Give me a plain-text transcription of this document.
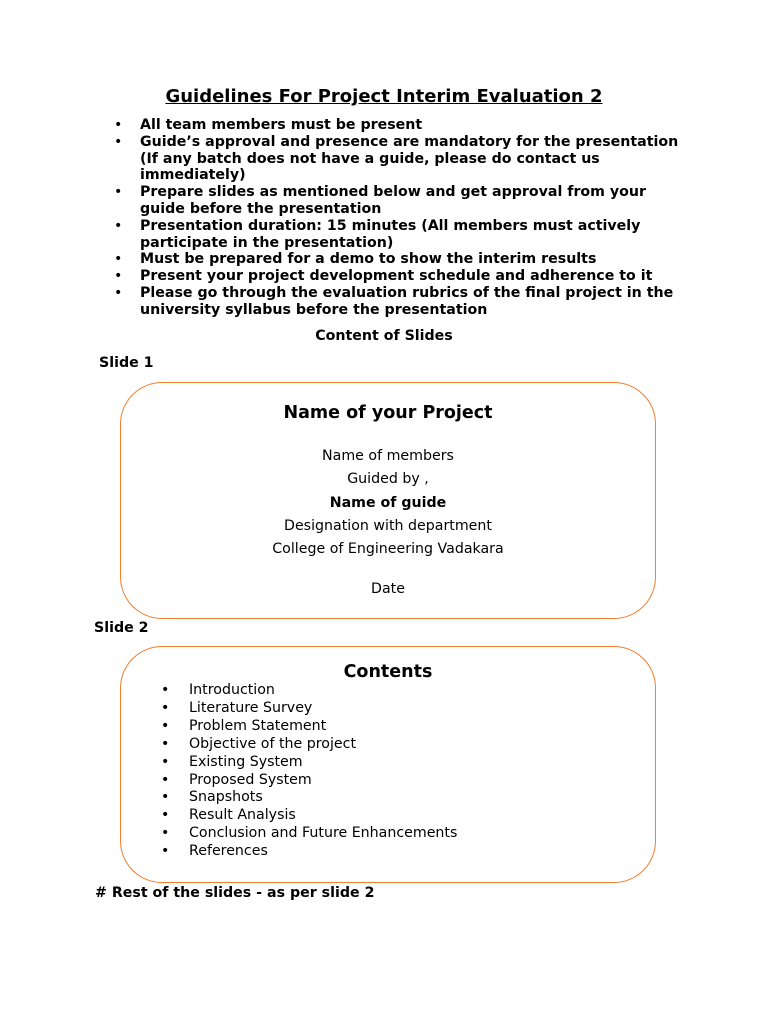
Guidelines For Project Interim Evaluation 2
• All team members must be present
• Guide’s approval and presence are mandatory for the presentation (If any batch does not have a guide, please do contact us immediately)
• Prepare slides as mentioned below and get approval from your guide before the presentation
• Presentation duration: 15 minutes (All members must actively participate in the presentation)
• Must be prepared for a demo to show the interim results
• Present your project development schedule and adherence to it
• Please go through the evaluation rubrics of the final project in the university syllabus before the presentation
Content of Slides
Slide 1
Name of your Project
Name of members
Guided by ,
Name of guide
Designation with department
College of Engineering Vadakara
Date
Slide 2
Contents
• Introduction
• Literature Survey
• Problem Statement
• Objective of the project
• Existing System
• Proposed System
• Snapshots
• Result Analysis
• Conclusion and Future Enhancements
• References
# Rest of the slides - as per slide 2
